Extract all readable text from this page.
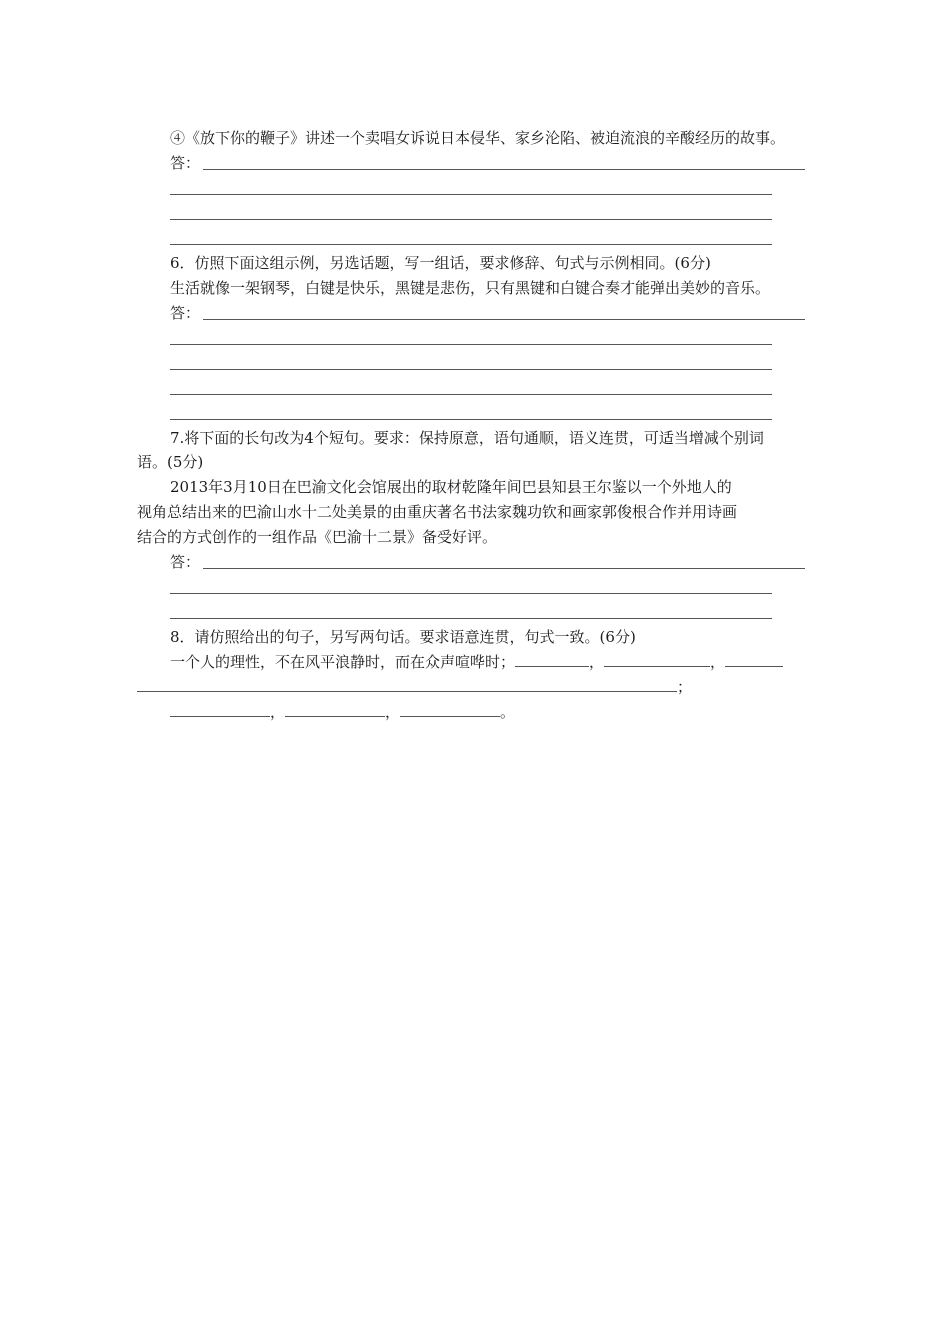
④《放下你的鞭子》讲述一个卖唱女诉说日本侵华、家乡沦陷、被迫流浪的辛酸经历的故事。
答：
6．仿照下面这组示例，另选话题，写一组话，要求修辞、句式与示例相同。(6分)
生活就像一架钢琴，白键是快乐，黑键是悲伤，只有黑键和白键合奏才能弹出美妙的音乐。
答：
7.将下面的长句改为4个短句。要求：保持原意，语句通顺，语义连贯，可适当增减个别词
语。(5分)
2013年3月10日在巴渝文化会馆展出的取材乾隆年间巴县知县王尔鉴以一个外地人的
视角总结出来的巴渝山水十二处美景的由重庆著名书法家魏功钦和画家郭俊根合作并用诗画
结合的方式创作的一组作品《巴渝十二景》备受好评。
答：
8．请仿照给出的句子，另写两句话。要求语意连贯，句式一致。(6分)
一个人的理性，不在风平浪静时，而在众声喧哗时；	，	，
；
，	，	。
